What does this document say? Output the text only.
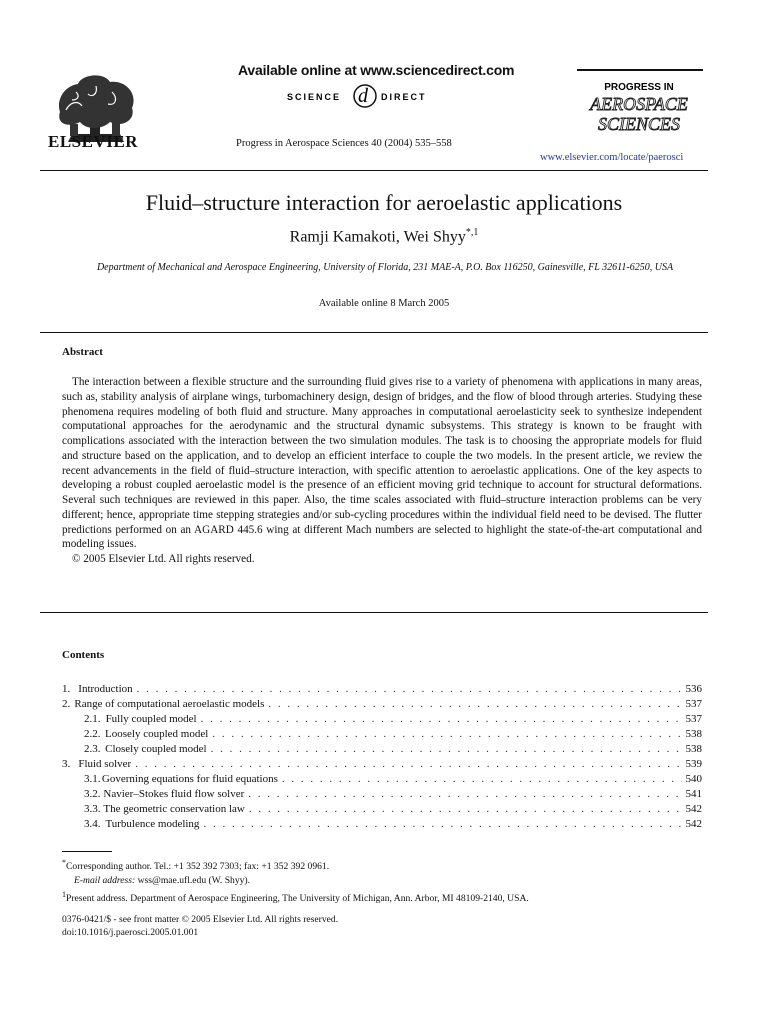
ELSEVIER
Available online at www.sciencedirect.com
SCIENCE d DIRECT
Progress in Aerospace Sciences 40 (2004) 535–558
PROGRESS IN
AEROSPACE
SCIENCES
www.elsevier.com/locate/paerosci
Fluid–structure interaction for aeroelastic applications
Ramji Kamakoti, Wei Shyy$^{*,1}$
Department of Mechanical and Aerospace Engineering, University of Florida, 231 MAE-A, P.O. Box 116250, Gainesville, FL 32611-6250, USA
Available online 8 March 2005
Abstract

The interaction between a flexible structure and the surrounding fluid gives rise to a variety of phenomena with applications in many areas, such as, stability analysis of airplane wings, turbomachinery design, design of bridges, and the flow of blood through arteries. Studying these phenomena requires modeling of both fluid and structure. Many approaches in computational aeroelasticity seek to synthesize independent computational approaches for the aerodynamic and the structural dynamic subsystems. This strategy is known to be fraught with complications associated with the interaction between the two simulation modules. The task is to choosing the appropriate models for fluid and structure based on the application, and to develop an efficient interface to couple the two models. In the present article, we review the recent advancements in the field of fluid–structure interaction, with specific attention to aeroelastic applications. One of the key aspects to developing a robust coupled aeroelastic model is the presence of an efficient moving grid technique to account for structural deformations. Several such techniques are reviewed in this paper. Also, the time scales associated with fluid–structure interaction problems can be very different; hence, appropriate time stepping strategies and/or sub-cycling procedures within the individual field need to be devised. The flutter predictions performed on an AGARD 445.6 wing at different Mach numbers are selected to highlight the state-of-the-art computational and modeling issues.

© 2005 Elsevier Ltd. All rights reserved.

Contents
1. Introduction . . .	536
2. Range of computational aeroelastic models . . .	537
2.1. Fully coupled model . . .	537
2.2. Loosely coupled model . . .	538
2.3. Closely coupled model . . .	538
3. Fluid solver . . .	539
3.1. Governing equations for fluid equations . . .	540
3.2. Navier–Stokes fluid flow solver . . .	541
3.3. The geometric conservation law . . .	542
3.4. Turbulence modeling . . .	542
*Corresponding author. Tel.: +1 352 392 7303; fax: +1 352 392 0961.
E-mail address: wss@mae.ufl.edu (W. Shyy).
$^1$Present address. Department of Aerospace Engineering, The University of Michigan, Ann. Arbor, MI 48109-2140, USA.
0376-0421/$ - see front matter © 2005 Elsevier Ltd. All rights reserved.
doi:10.1016/j.paerosci.2005.01.001
